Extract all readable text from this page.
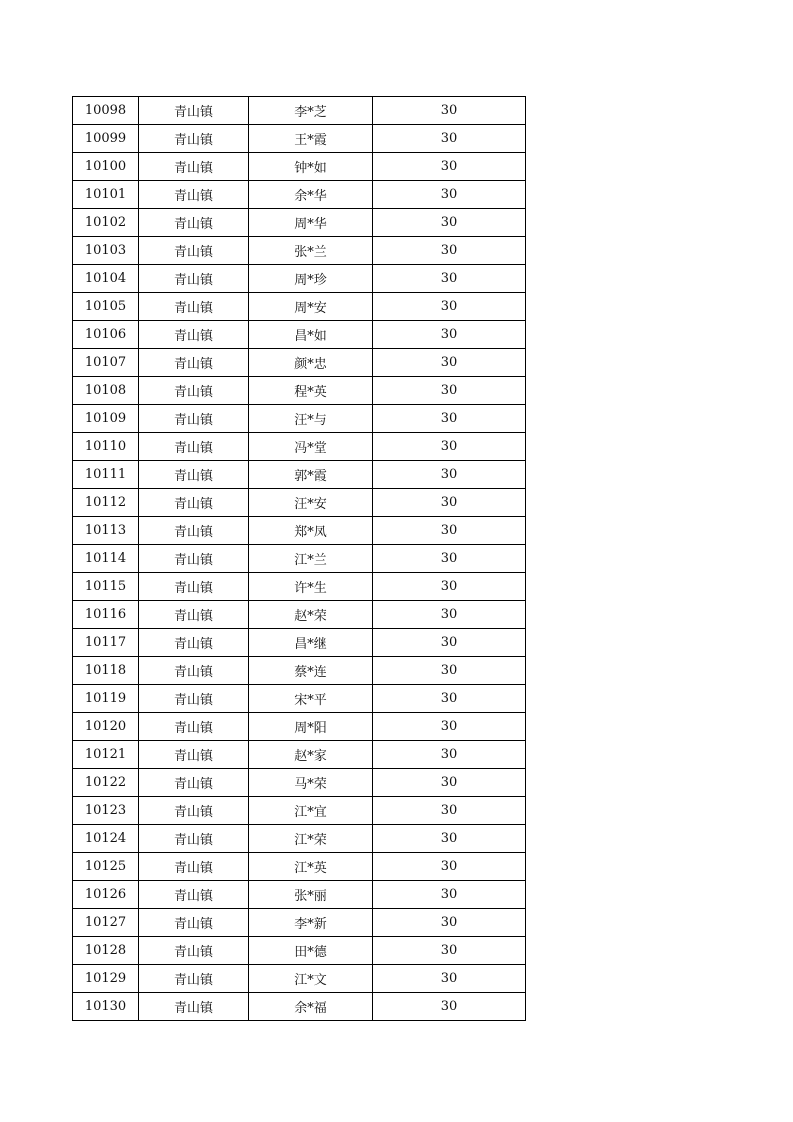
10098	青山镇	李*芝	30
10099	青山镇	王*霞	30
10100	青山镇	钟*如	30
10101	青山镇	余*华	30
10102	青山镇	周*华	30
10103	青山镇	张*兰	30
10104	青山镇	周*珍	30
10105	青山镇	周*安	30
10106	青山镇	昌*如	30
10107	青山镇	颜*忠	30
10108	青山镇	程*英	30
10109	青山镇	汪*与	30
10110	青山镇	冯*堂	30
10111	青山镇	郭*霞	30
10112	青山镇	汪*安	30
10113	青山镇	郑*凤	30
10114	青山镇	江*兰	30
10115	青山镇	许*生	30
10116	青山镇	赵*荣	30
10117	青山镇	昌*继	30
10118	青山镇	蔡*连	30
10119	青山镇	宋*平	30
10120	青山镇	周*阳	30
10121	青山镇	赵*家	30
10122	青山镇	马*荣	30
10123	青山镇	江*宜	30
10124	青山镇	江*荣	30
10125	青山镇	江*英	30
10126	青山镇	张*丽	30
10127	青山镇	李*新	30
10128	青山镇	田*德	30
10129	青山镇	江*文	30
10130	青山镇	余*福	30
